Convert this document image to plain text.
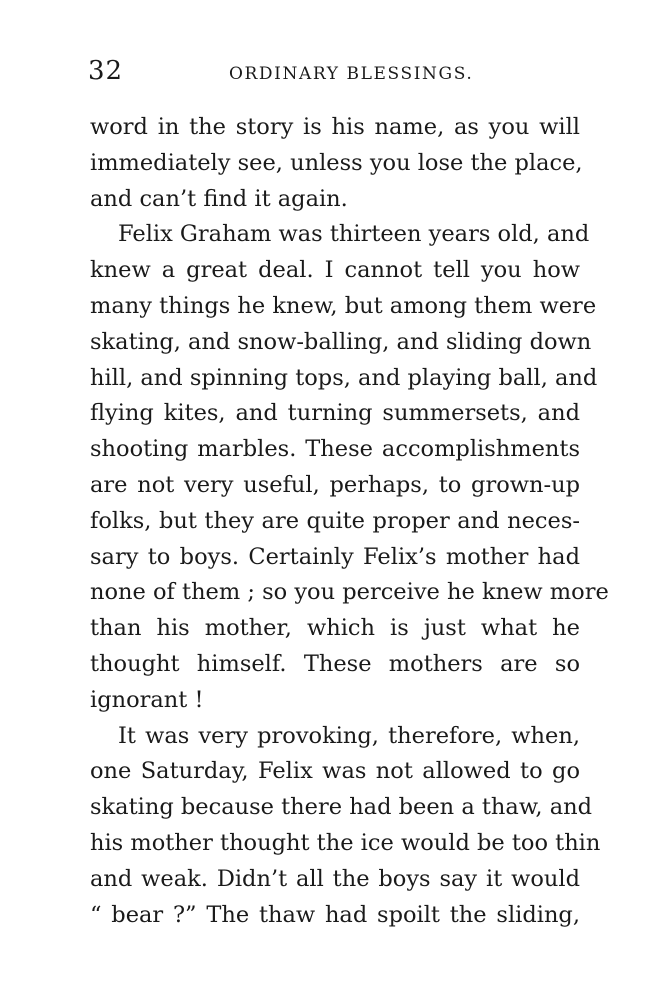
32	ORDINARY BLESSINGS.
word in the story is his name, as you will
immediately see, unless you lose the place,
and can’t find it again.
Felix Graham was thirteen years old, and
knew a great deal. I cannot tell you how
many things he knew, but among them were
skating, and snow-balling, and sliding down
hill, and spinning tops, and playing ball, and
flying kites, and turning summersets, and
shooting marbles. These accomplishments
are not very useful, perhaps, to grown-up
folks, but they are quite proper and neces-
sary to boys. Certainly Felix’s mother had
none of them ; so you perceive he knew more
than his mother, which is just what he
thought himself. These mothers are so
ignorant !
It was very provoking, therefore, when,
one Saturday, Felix was not allowed to go
skating because there had been a thaw, and
his mother thought the ice would be too thin
and weak. Didn’t all the boys say it would
“ bear ?” The thaw had spoilt the sliding,
